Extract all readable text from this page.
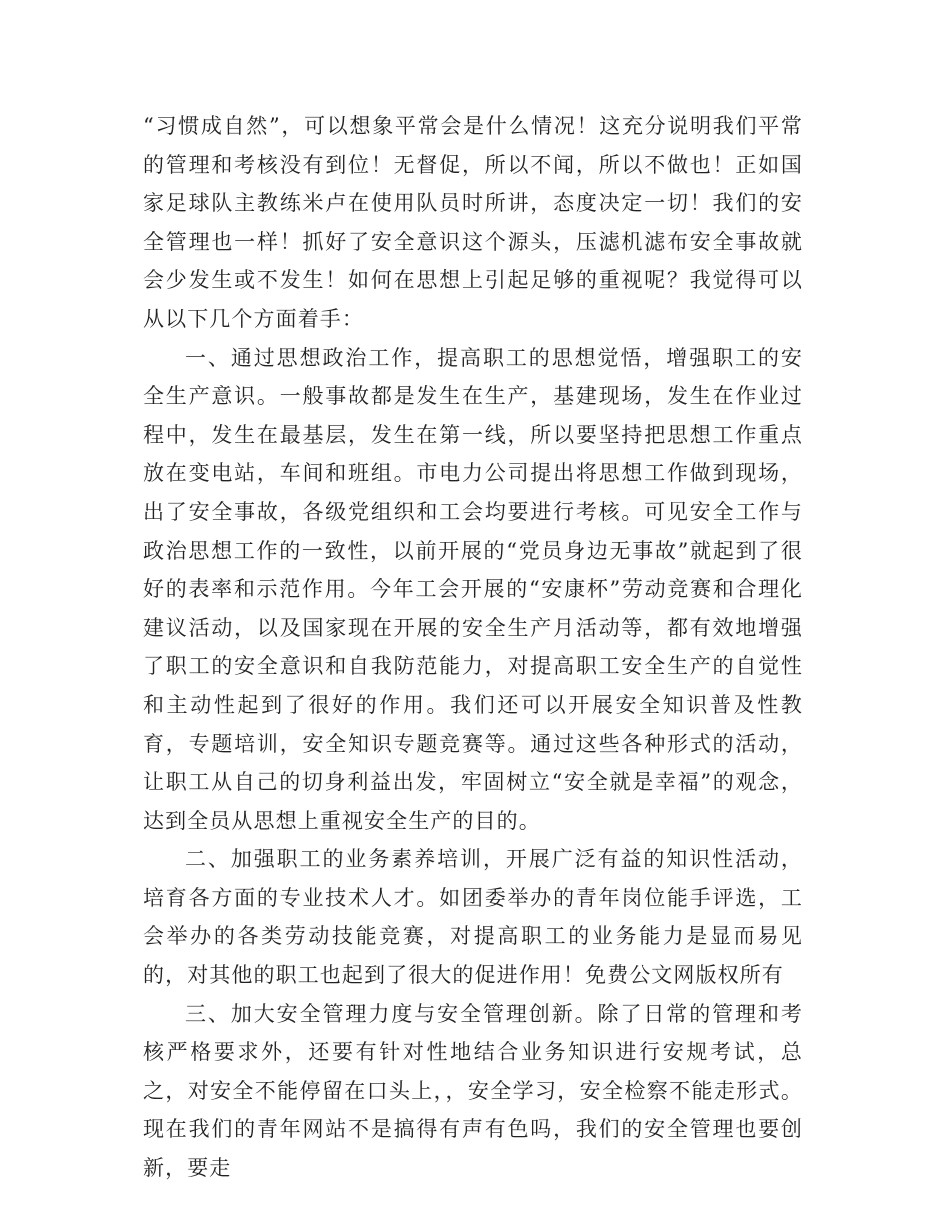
“习惯成自然”，可以想象平常会是什么情况！这充分说明我们平常的管理和考核没有到位！无督促，所以不闻，所以不做也！正如国家足球队主教练米卢在使用队员时所讲，态度决定一切！我们的安全管理也一样！抓好了安全意识这个源头，压滤机滤布安全事故就会少发生或不发生！如何在思想上引起足够的重视呢？我觉得可以从以下几个方面着手：

一、通过思想政治工作，提高职工的思想觉悟，增强职工的安全生产意识。一般事故都是发生在生产，基建现场，发生在作业过程中，发生在最基层，发生在第一线，所以要坚持把思想工作重点放在变电站，车间和班组。市电力公司提出将思想工作做到现场，出了安全事故，各级党组织和工会均要进行考核。可见安全工作与政治思想工作的一致性，以前开展的“党员身边无事故”就起到了很好的表率和示范作用。今年工会开展的“安康杯”劳动竞赛和合理化建议活动，以及国家现在开展的安全生产月活动等，都有效地增强了职工的安全意识和自我防范能力，对提高职工安全生产的自觉性和主动性起到了很好的作用。我们还可以开展安全知识普及性教育，专题培训，安全知识专题竞赛等。通过这些各种形式的活动，让职工从自己的切身利益出发，牢固树立“安全就是幸福”的观念，达到全员从思想上重视安全生产的目的。

二、加强职工的业务素养培训，开展广泛有益的知识性活动，培育各方面的专业技术人才。如团委举办的青年岗位能手评选，工会举办的各类劳动技能竞赛，对提高职工的业务能力是显而易见的，对其他的职工也起到了很大的促进作用！免费公文网版权所有

三、加大安全管理力度与安全管理创新。除了日常的管理和考核严格要求外，还要有针对性地结合业务知识进行安规考试，总之，对安全不能停留在口头上，，安全学习，安全检察不能走形式。现在我们的青年网站不是搞得有声有色吗，我们的安全管理也要创新，要走
